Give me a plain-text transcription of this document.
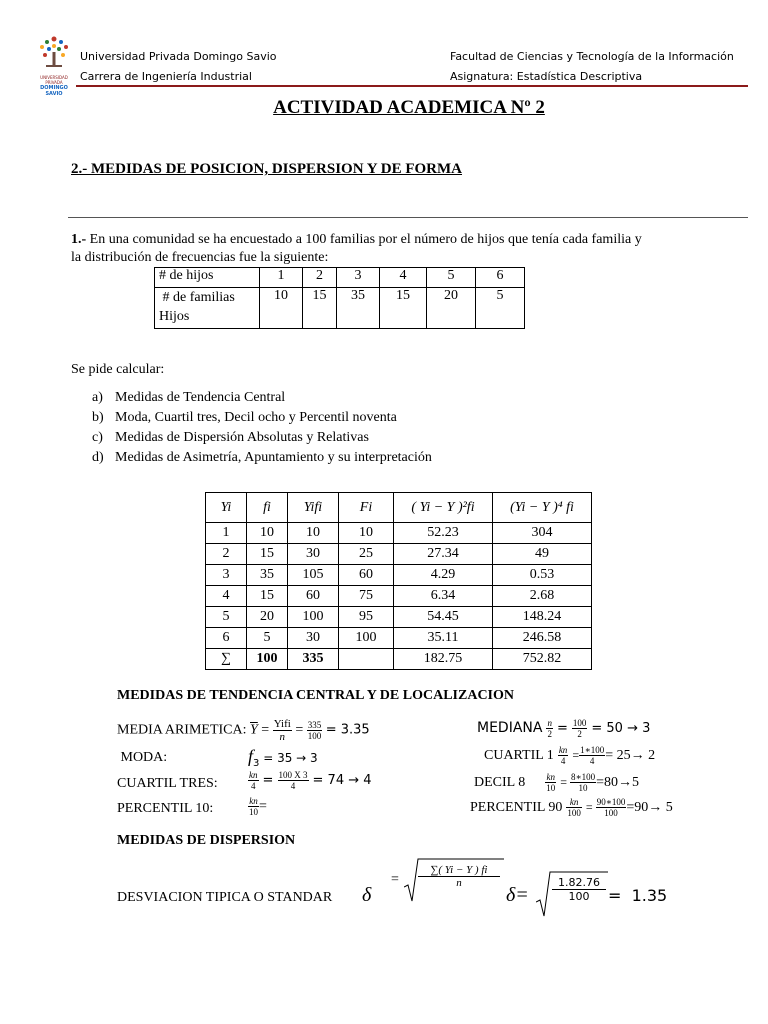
UNIVERSIDAD PRIVADA
DOMINGO SAVIO
Universidad Privada Domingo Savio
Carrera de Ingeniería Industrial
Facultad de Ciencias y Tecnología de la Información
Asignatura: Estadística Descriptiva
ACTIVIDAD ACADEMICA Nº 2
2.- MEDIDAS DE POSICION, DISPERSION Y DE FORMA
1.- En una comunidad se ha encuestado a 100 familias por el número de hijos que tenía cada familia y
la distribución de frecuencias fue la siguiente:
# de hijos	1	2	3	4	5	6

# de familias
Hijos	10	15	35	15	20	5
Se pide calcular:
a) Medidas de Tendencia Central
b) Moda, Cuartil tres, Decil ocho y Percentil noventa
c) Medidas de Dispersión Absolutas y Relativas
d) Medidas de Asimetría, Apuntamiento y su interpretación
Yi	fi	Yifi	Fi	( Yi − Y )²fi	(Yi − Y )⁴ fi
1	10	10	10	52.23	304
2	15	30	25	27.34	49
3	35	105	60	4.29	0.53
4	15	60	75	6.34	2.68
5	20	100	95	54.45	148.24
6	5	30	100	35.11	246.58
∑	100	335		182.75	752.82
MEDIDAS DE TENDENCIA CENTRAL Y DE LOCALIZACION
MEDIA ARIMETICA: $\overline{Y} = \frac{\text{Yifi}}{n} = \frac{335}{100} = 3.35$	MEDIANA $\frac{n}{2} = \frac{100}{2} = 50 \to 3$
MODA:	$f_3 = 35 \to 3$	CUARTIL $1 \frac{kn}{4} = \frac{1∗100}{4} = 25\to 2$
CUARTIL TRES:	$\frac{kn}{4} = \frac{100 X 3}{4} = 74 \to 4$	DECIL $8 \frac{kn}{10} = \frac{8∗100}{10} =80\to 5$
PERCENTIL 10:	$\frac{kn}{10}$ =	PERCENTIL $90 \frac{kn}{100} = \frac{90∗100}{100} =90\to 5$
MEDIDAS DE DISPERSION
DESVIACION TIPICA O STANDAR δ
= $\frac{\sum( Yi - Y ) fi}{n}$
$\delta= \frac{1.82.76}{100} = 1.35$
